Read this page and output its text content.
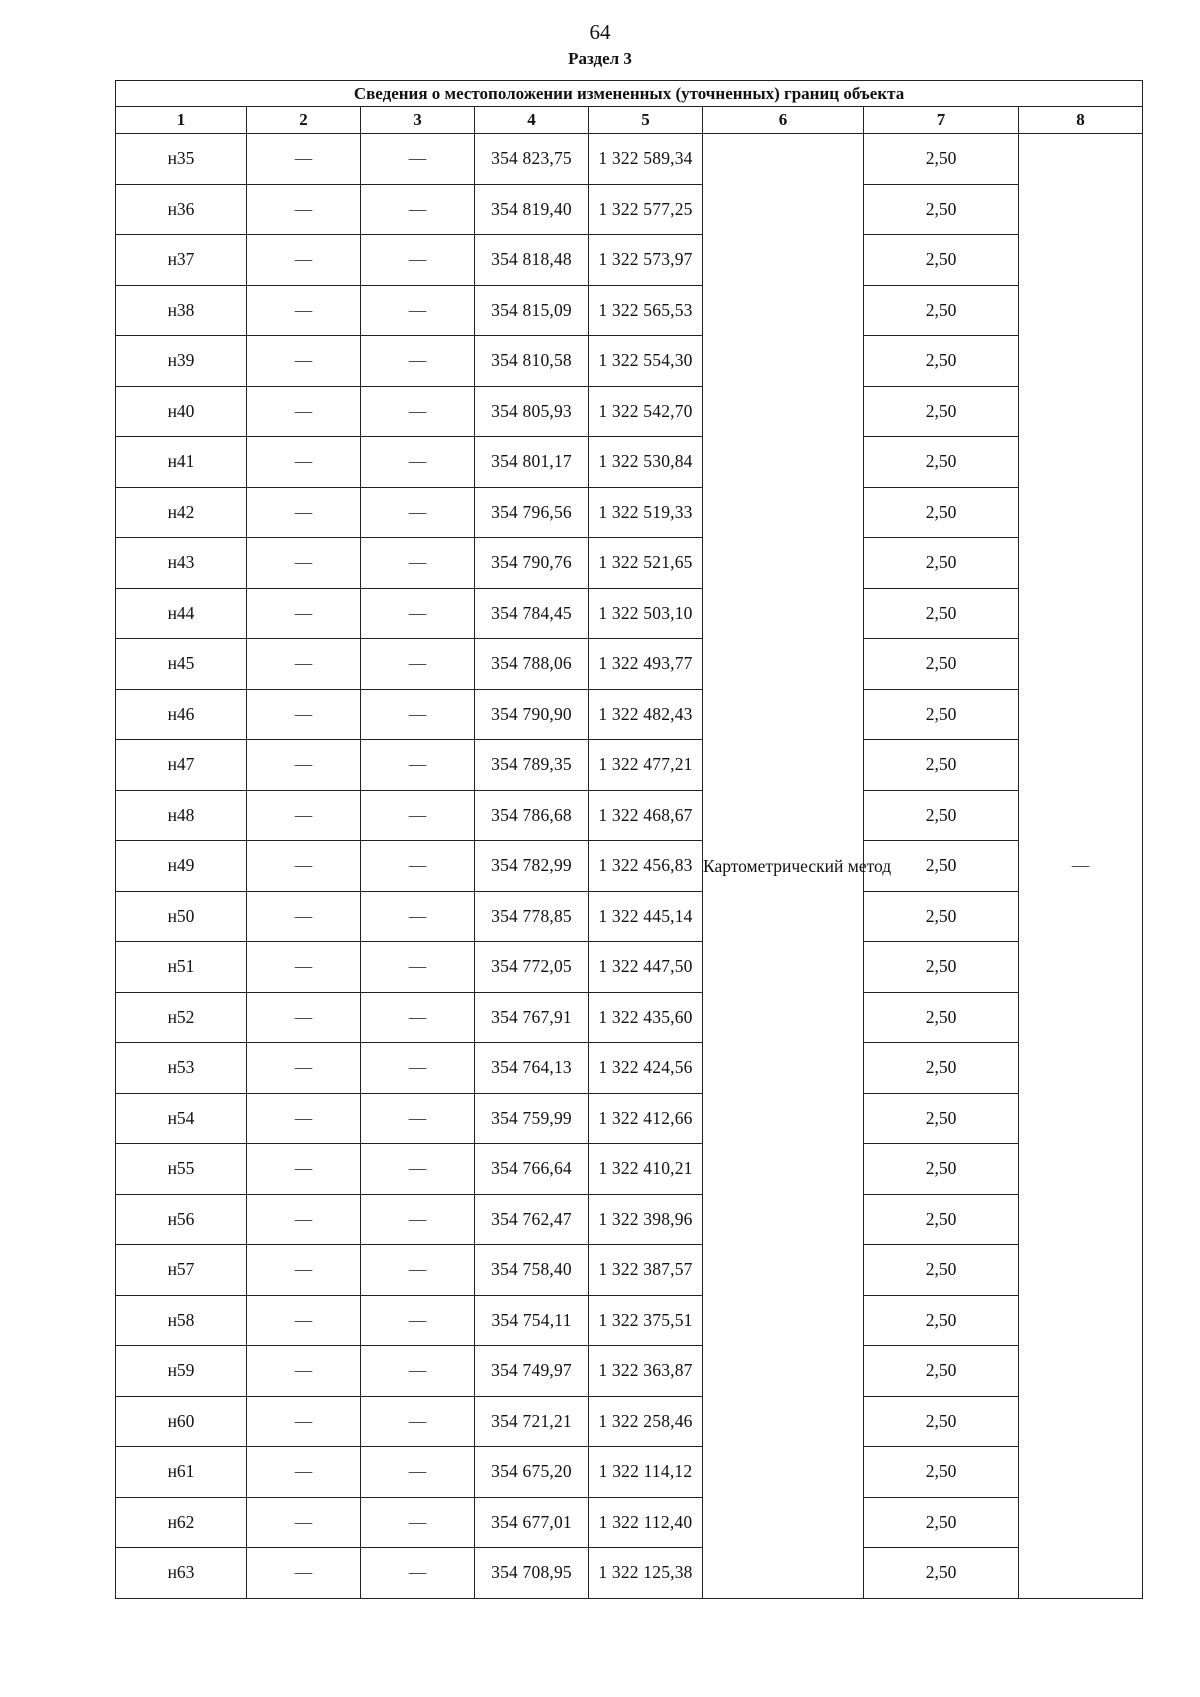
64
Раздел 3
Сведения о местоположении измененных (уточненных) границ объекта							
1	2	3	4	5	6	7	8
н35	—	—	354 823,75	1 322 589,34	Картометрический метод	2,50	—
н36	—	—	354 819,40	1 322 577,25		2,50	
н37	—	—	354 818,48	1 322 573,97		2,50	
н38	—	—	354 815,09	1 322 565,53		2,50	
н39	—	—	354 810,58	1 322 554,30		2,50	
н40	—	—	354 805,93	1 322 542,70		2,50	
н41	—	—	354 801,17	1 322 530,84		2,50	
н42	—	—	354 796,56	1 322 519,33		2,50	
н43	—	—	354 790,76	1 322 521,65		2,50	
н44	—	—	354 784,45	1 322 503,10		2,50	
н45	—	—	354 788,06	1 322 493,77		2,50	
н46	—	—	354 790,90	1 322 482,43		2,50	
н47	—	—	354 789,35	1 322 477,21		2,50	
н48	—	—	354 786,68	1 322 468,67		2,50	
н49	—	—	354 782,99	1 322 456,83		2,50	
н50	—	—	354 778,85	1 322 445,14		2,50	
н51	—	—	354 772,05	1 322 447,50		2,50	
н52	—	—	354 767,91	1 322 435,60		2,50	
н53	—	—	354 764,13	1 322 424,56		2,50	
н54	—	—	354 759,99	1 322 412,66		2,50	
н55	—	—	354 766,64	1 322 410,21		2,50	
н56	—	—	354 762,47	1 322 398,96		2,50	
н57	—	—	354 758,40	1 322 387,57		2,50	
н58	—	—	354 754,11	1 322 375,51		2,50	
н59	—	—	354 749,97	1 322 363,87		2,50	
н60	—	—	354 721,21	1 322 258,46		2,50	
н61	—	—	354 675,20	1 322 114,12		2,50	
н62	—	—	354 677,01	1 322 112,40		2,50	
н63	—	—	354 708,95	1 322 125,38		2,50	
